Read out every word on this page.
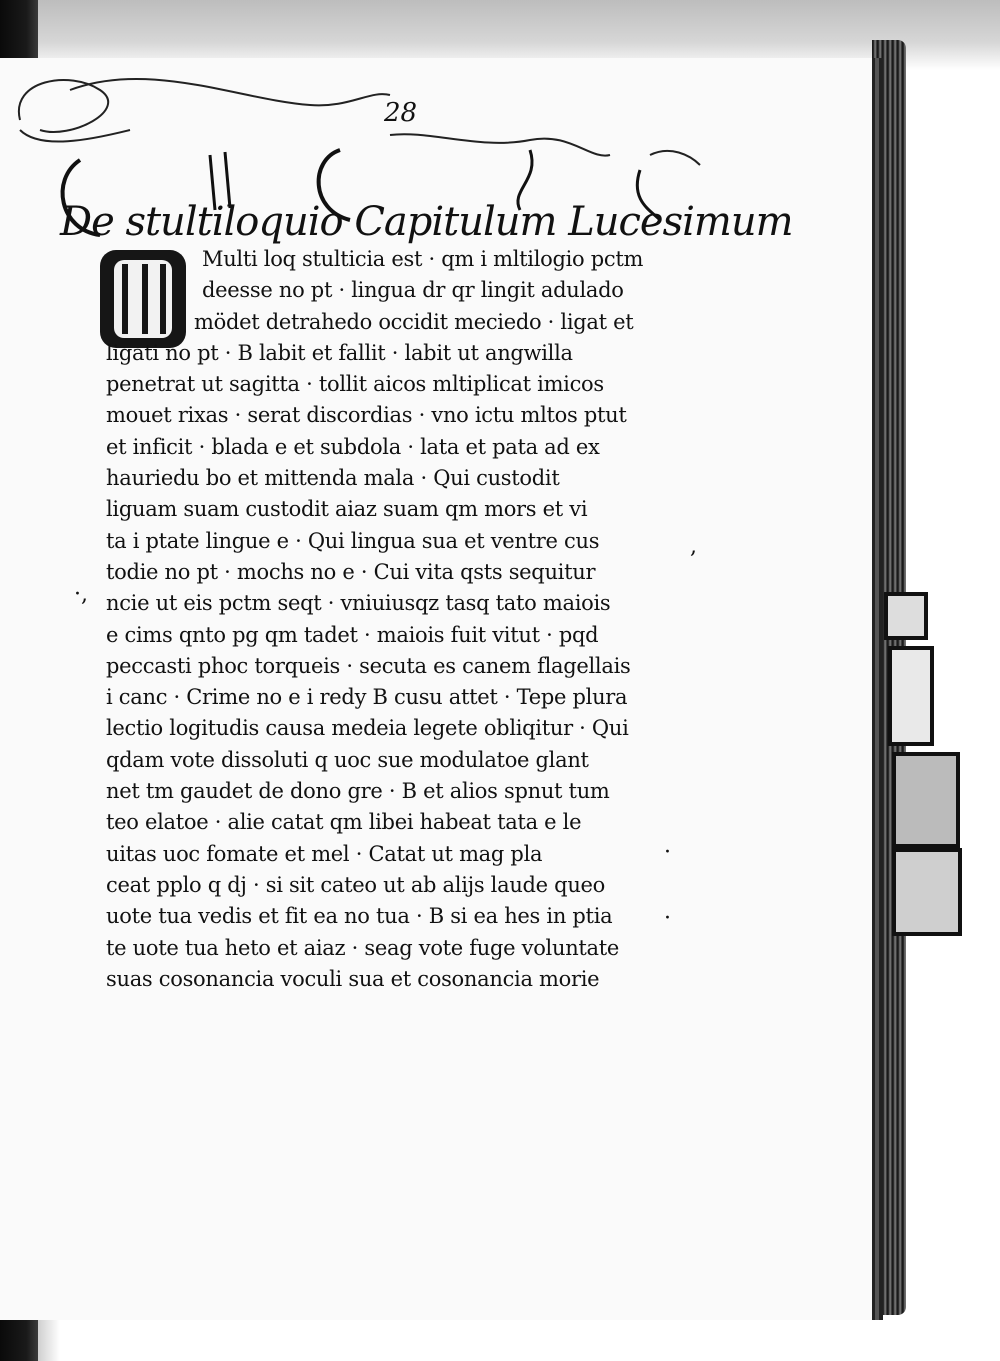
28
De stultiloquio Capitulum Lucesimum
Multi loq stulticia est · qm i mltilogio pctm
deesse no pt · lingua dr qr lingit adulado
mödet detrahedo occidit meciedo · ligat et
ligati no pt · B labit et fallit · labit ut angwilla
penetrat ut sagitta · tollit aicos mltiplicat imicos
mouet rixas · serat discordias · vno ictu mltos ptut
et inficit · blada e et subdola · lata et pata ad ex
hauriedu bo et mittenda mala · Qui custodit
liguam suam custodit aiaz suam qm mors et vi
ta i ptate lingue e · Qui lingua sua et ventre cus
todie no pt · mochs no e · Cui vita qsts sequitur
ncie ut eis pctm seqt · vniuiusqz tasq tato maiois
e cims qnto pg qm tadet · maiois fuit vitut · pqd
peccasti phoc torqueis · secuta es canem flagellais
i canc · Crime no e i redy B cusu attet · Tepe plura
lectio logitudis causa medeia legete obliqitur · Qui
qdam vote dissoluti q uoc sue modulatoe glant
net tm gaudet de dono gre · B et alios spnut tum
teo elatoe · alie catat qm libei habeat tata e le
uitas uoc fomate et mel · Catat ut mag pla
ceat pplo q dj · si sit cateo ut ab alijs laude queo
uote tua vedis et fit ea no tua · B si ea hes in ptia
te uote tua heto et aiaz · seag vote fuge voluntate
suas cosonancia voculi sua et cosonancia morie
,
·,
·
·
